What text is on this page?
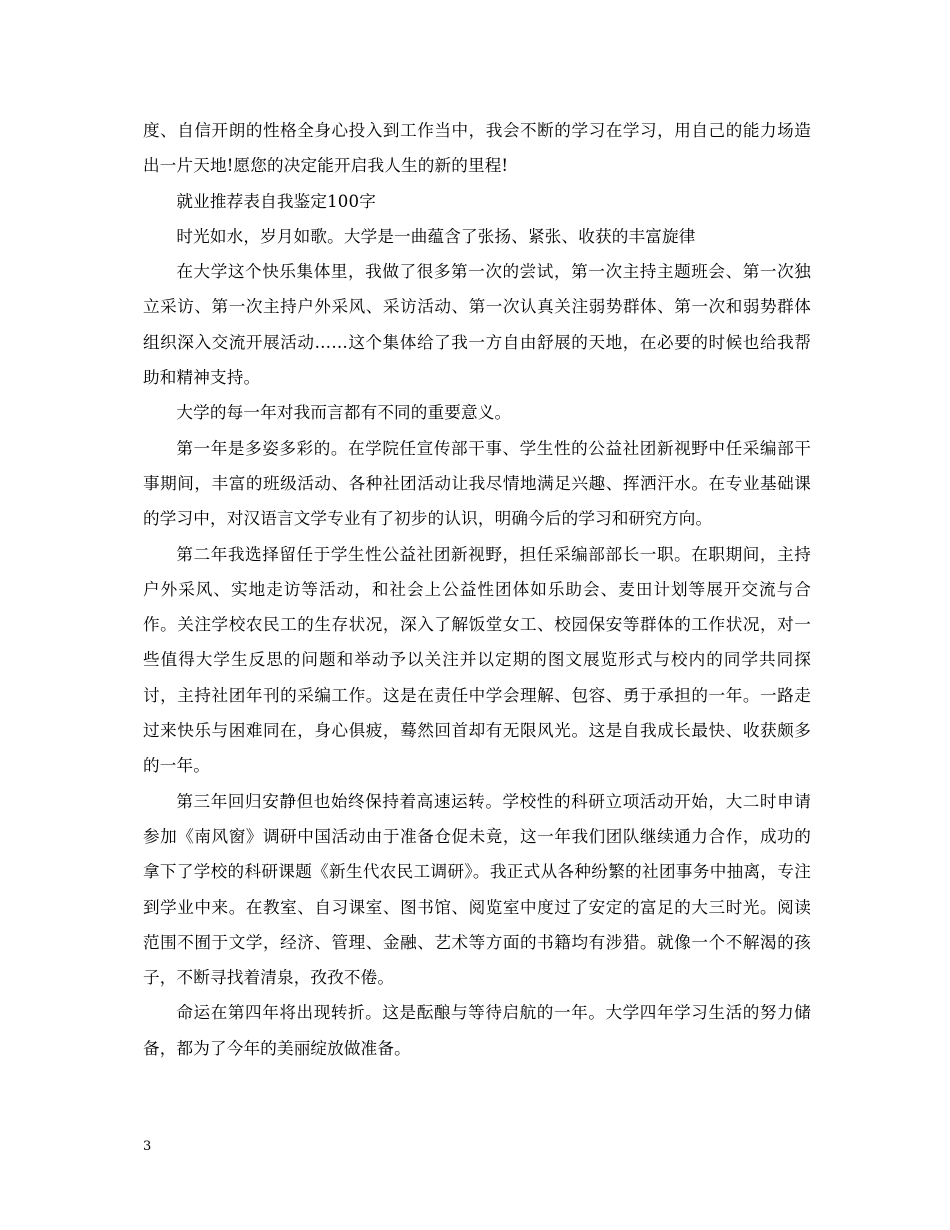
度、自信开朗的性格全身心投入到工作当中，我会不断的学习在学习，用自己的能力场造出一片天地!愿您的决定能开启我人生的新的里程!

就业推荐表自我鉴定100字

时光如水，岁月如歌。大学是一曲蕴含了张扬、紧张、收获的丰富旋律

在大学这个快乐集体里，我做了很多第一次的尝试，第一次主持主题班会、第一次独立采访、第一次主持户外采风、采访活动、第一次认真关注弱势群体、第一次和弱势群体组织深入交流开展活动……这个集体给了我一方自由舒展的天地，在必要的时候也给我帮助和精神支持。

大学的每一年对我而言都有不同的重要意义。

第一年是多姿多彩的。在学院任宣传部干事、学生性的公益社团新视野中任采编部干事期间，丰富的班级活动、各种社团活动让我尽情地满足兴趣、挥洒汗水。在专业基础课的学习中，对汉语言文学专业有了初步的认识，明确今后的学习和研究方向。

第二年我选择留任于学生性公益社团新视野，担任采编部部长一职。在职期间，主持户外采风、实地走访等活动，和社会上公益性团体如乐助会、麦田计划等展开交流与合作。关注学校农民工的生存状况，深入了解饭堂女工、校园保安等群体的工作状况，对一些值得大学生反思的问题和举动予以关注并以定期的图文展览形式与校内的同学共同探讨，主持社团年刊的采编工作。这是在责任中学会理解、包容、勇于承担的一年。一路走过来快乐与困难同在，身心俱疲，蓦然回首却有无限风光。这是自我成长最快、收获颇多的一年。

第三年回归安静但也始终保持着高速运转。学校性的科研立项活动开始，大二时申请参加《南风窗》调研中国活动由于准备仓促未竟，这一年我们团队继续通力合作，成功的拿下了学校的科研课题《新生代农民工调研》。我正式从各种纷繁的社团事务中抽离，专注到学业中来。在教室、自习课室、图书馆、阅览室中度过了安定的富足的大三时光。阅读范围不囿于文学，经济、管理、金融、艺术等方面的书籍均有涉猎。就像一个不解渴的孩子，不断寻找着清泉，孜孜不倦。

命运在第四年将出现转折。这是酝酿与等待启航的一年。大学四年学习生活的努力储备，都为了今年的美丽绽放做准备。

3
